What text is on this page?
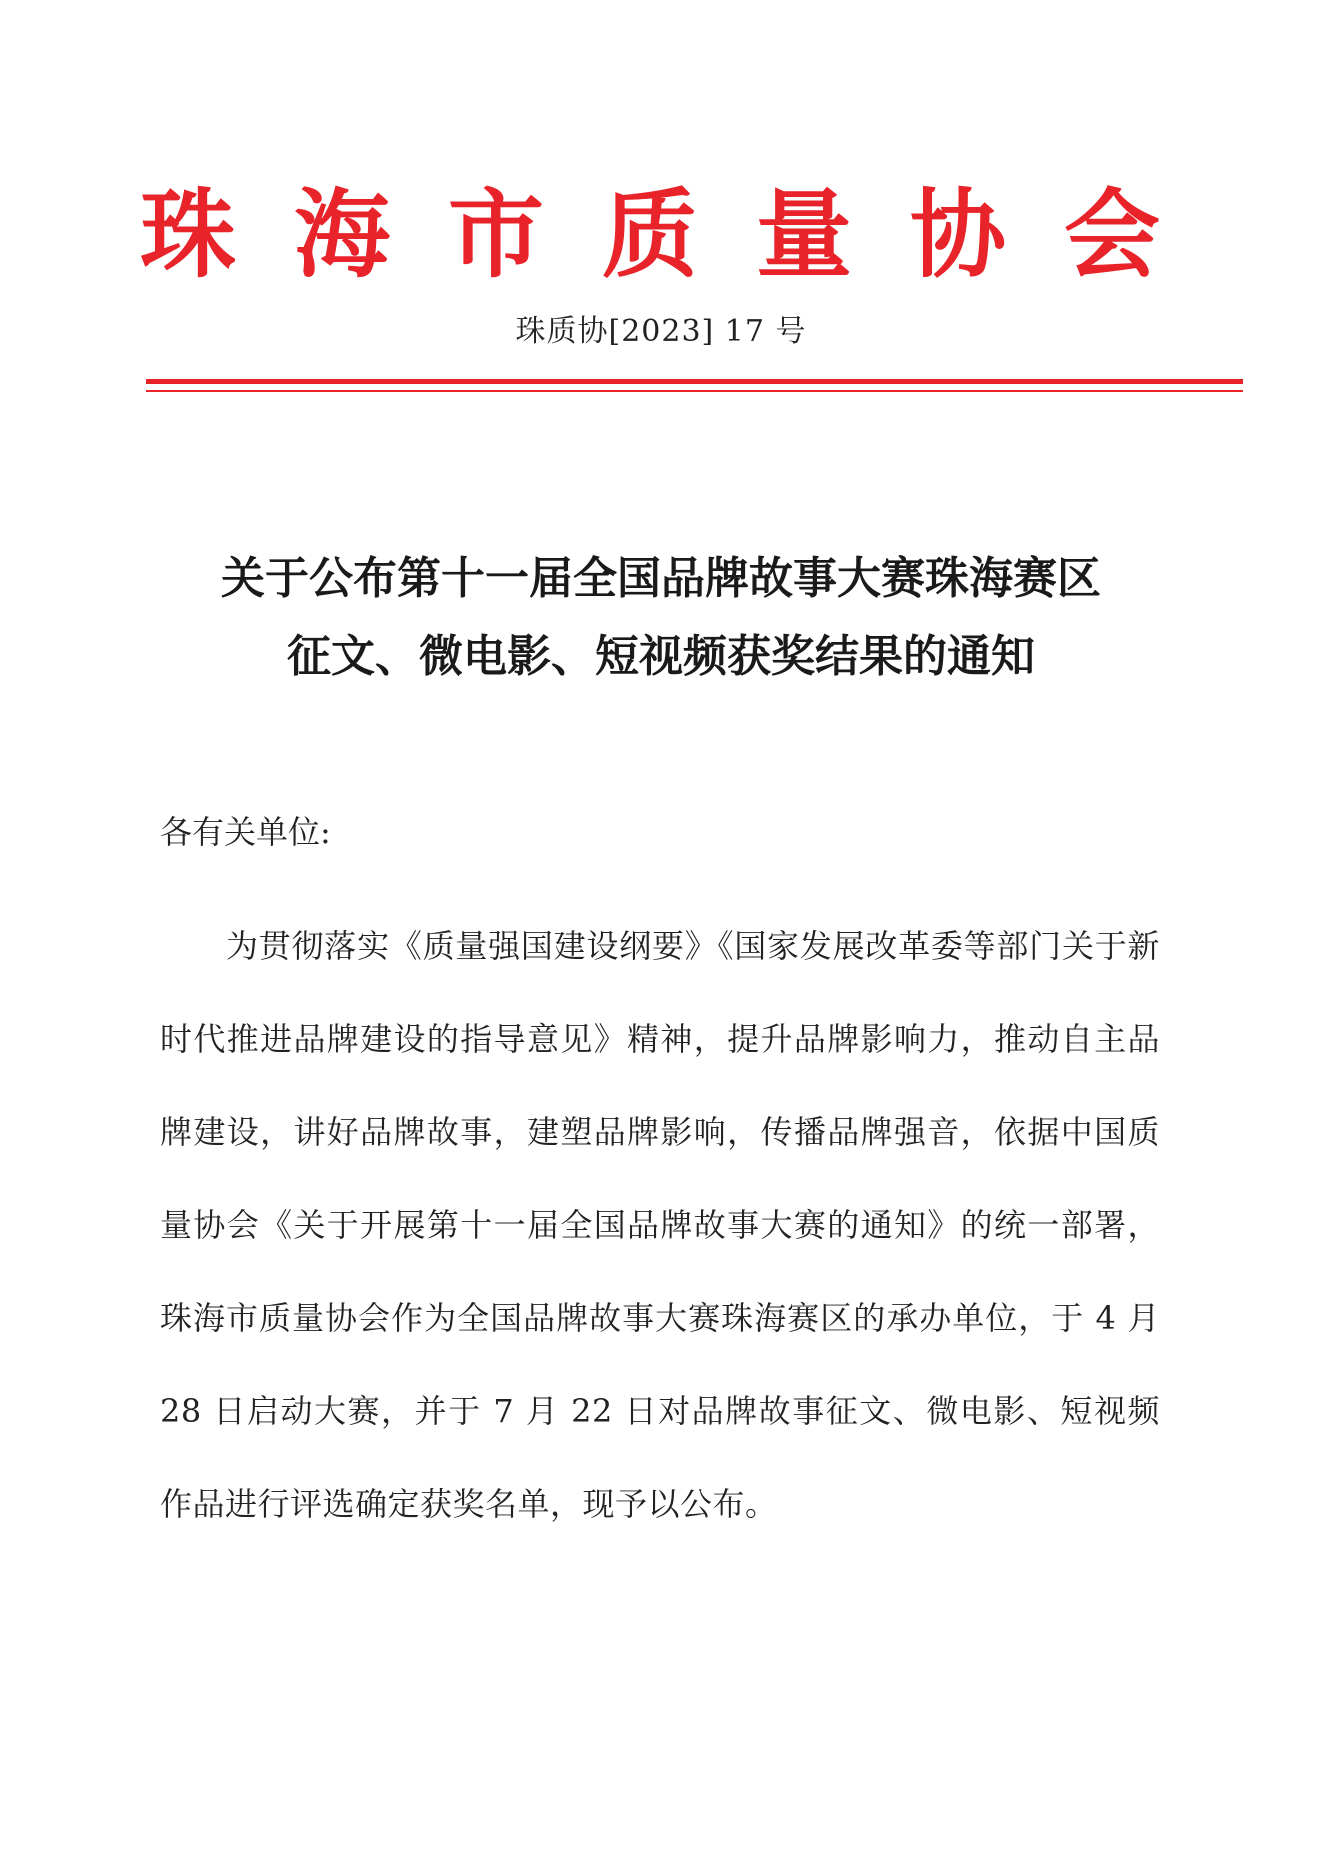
珠海市质量协会
珠质协[2023] 17 号
关于公布第十一届全国品牌故事大赛珠海赛区
征文、微电影、短视频获奖结果的通知

各有关单位:

为贯彻落实《质量强国建设纲要》《国家发展改革委等部门关于新时代推进品牌建设的指导意见》精神，提升品牌影响力，推动自主品牌建设，讲好品牌故事，建塑品牌影响，传播品牌强音，依据中国质量协会《关于开展第十一届全国品牌故事大赛的通知》的统一部署，珠海市质量协会作为全国品牌故事大赛珠海赛区的承办单位，于 4 月 28 日启动大赛，并于 7 月 22 日对品牌故事征文、微电影、短视频作品进行评选确定获奖名单，现予以公布。
